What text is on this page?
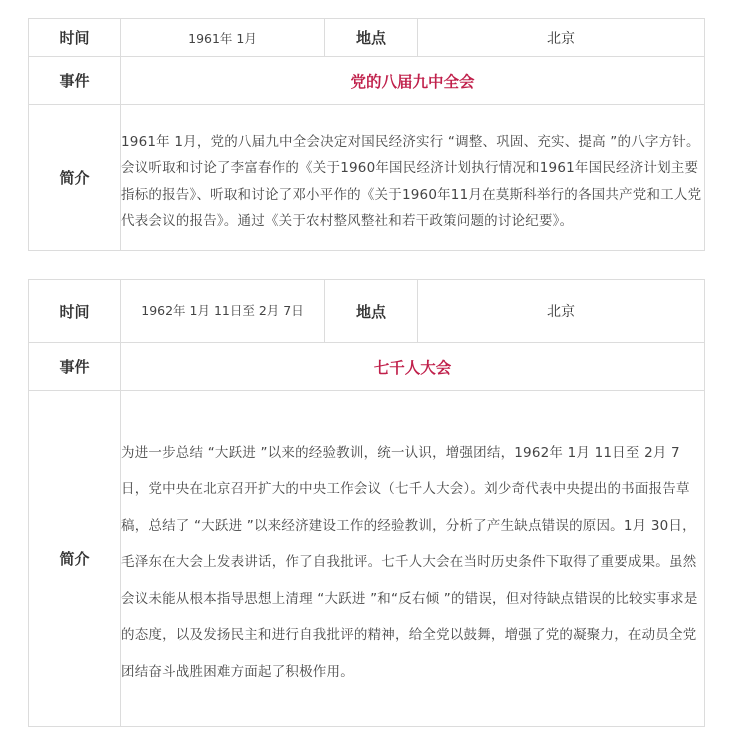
时间	1961年 1月	地点	北京
事件	党的八届九中全会		
简介	1961年 1月，党的八届九中全会决定对国民经济实行 “调整、巩固、充实、提高 ”的八字方针。会议听取和讨论了李富春作的《关于1960年国民经济计划执行情况和1961年国民经济计划主要指标的报告》、听取和讨论了邓小平作的《关于1960年11月在莫斯科举行的各国共产党和工人党代表会议的报告》。通过《关于农村整风整社和若干政策问题的讨论纪要》。		
时间	1962年 1月 11日至 2月 7日	地点	北京
事件	七千人大会		
简介	为进一步总结 “大跃进 ”以来的经验教训，统一认识，增强团结，1962年 1月 11日至 2月 7日，党中央在北京召开扩大的中央工作会议（七千人大会）。刘少奇代表中央提出的书面报告草稿，总结了 “大跃进 ”以来经济建设工作的经验教训，分析了产生缺点错误的原因。1月 30日，毛泽东在大会上发表讲话，作了自我批评。七千人大会在当时历史条件下取得了重要成果。虽然会议未能从根本指导思想上清理 “大跃进 ”和“反右倾 ”的错误，但对待缺点错误的比较实事求是的态度，以及发扬民主和进行自我批评的精神，给全党以鼓舞，增强了党的凝聚力，在动员全党团结奋斗战胜困难方面起了积极作用。		
